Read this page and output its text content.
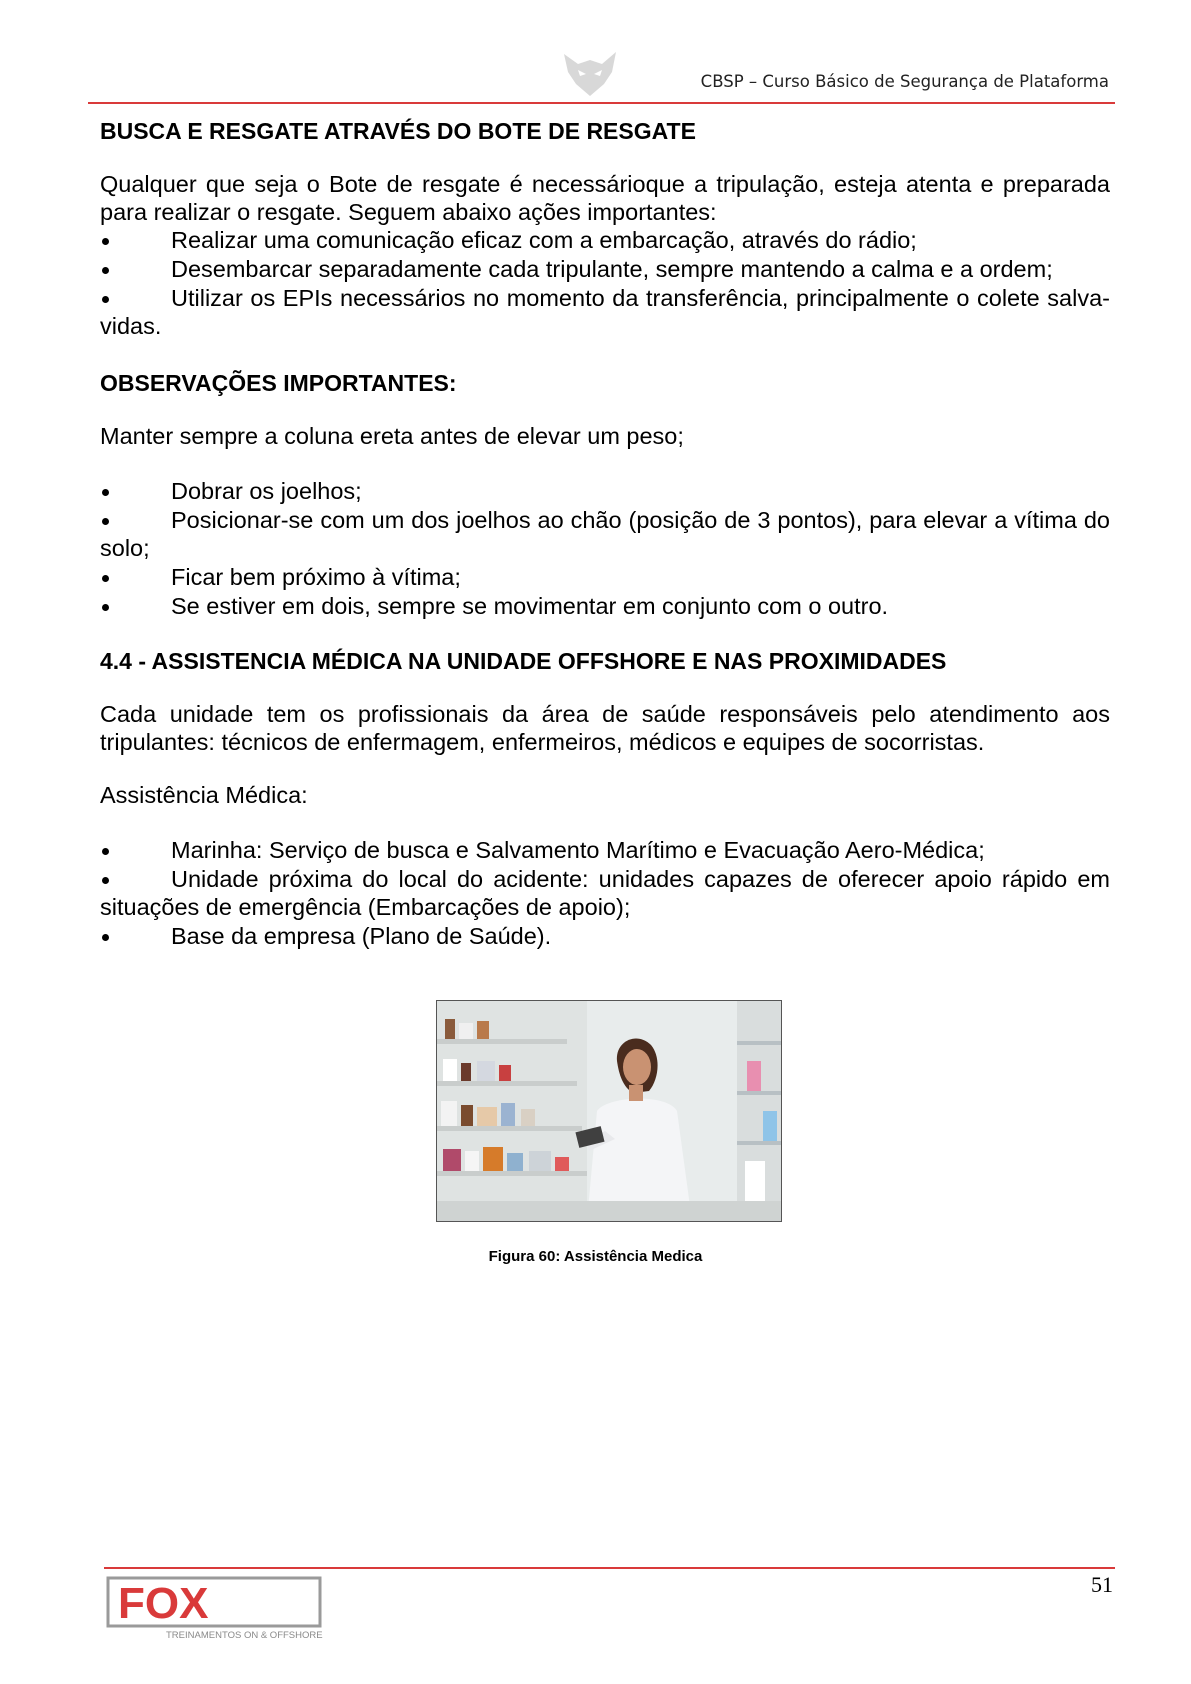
CBSP – Curso Básico de Segurança de Plataforma
BUSCA E RESGATE ATRAVÉS DO BOTE DE RESGATE

Qualquer que seja o Bote de resgate é necessárioque a tripulação, esteja atenta e preparada para realizar o resgate. Seguem abaixo ações importantes:

Realizar uma comunicação eficaz com a embarcação, através do rádio;
Desembarcar separadamente cada tripulante, sempre mantendo a calma e a ordem;
Utilizar os EPIs necessários no momento da transferência, principalmente o colete salva-vidas.
OBSERVAÇÕES IMPORTANTES:

Manter sempre a coluna ereta antes de elevar um peso;

Dobrar os joelhos;
Posicionar-se com um dos joelhos ao chão (posição de 3 pontos), para elevar a vítima do solo;
Ficar bem próximo à vítima;
Se estiver em dois, sempre se movimentar em conjunto com o outro.
4.4 - ASSISTENCIA MÉDICA NA UNIDADE OFFSHORE E NAS PROXIMIDADES

Cada unidade tem os profissionais da área de saúde responsáveis pelo atendimento aos tripulantes: técnicos de enfermagem, enfermeiros, médicos e equipes de socorristas.

Assistência Médica:

Marinha: Serviço de busca e Salvamento Marítimo e Evacuação Aero-Médica;
Unidade próxima do local do acidente: unidades capazes de oferecer apoio rápido em situações de emergência (Embarcações de apoio);
Base da empresa (Plano de Saúde).
Figura 60: Assistência Medica
51
FOX
TREINAMENTOS ON & OFFSHORE
